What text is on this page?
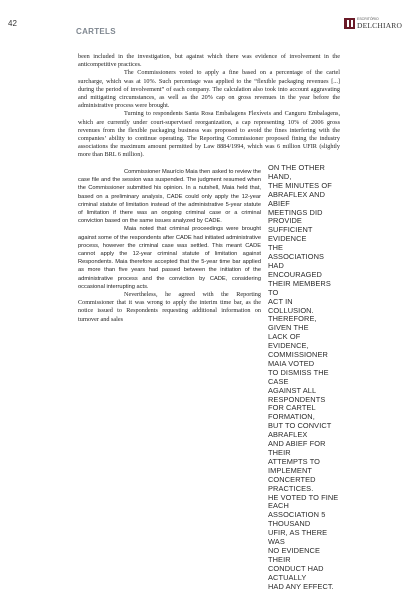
42
CARTELS
ESCRITÓRIO
DELCHIARO

been included in the investigation, but against which there was evidence of involvement in the anticompetitive practices.

The Commissioners voted to apply a fine based on a percentage of the cartel surcharge, which was at 10%. Such percentage was applied to the “flexible packaging revenues [...] during the period of involvement” of each company. The calculation also took into account aggravating and mitigating circumstances, as well as the 20% cap on gross revenues in the year before the administrative process were brought.

Turning to respondents Santa Rosa Embalagens Flexíveis and Canguru Embalagens, which are currently under court-supervised reorganization, a cap representing 10% of 2006 gross revenues from the flexible packaging business was proposed to avoid the fines interfering with the companies’ ability to continue operating. The Reporting Commissioner proposed fining the industry associations the maximum amount permitted by Law 8884/1994, which was 6 million UFIR (slightly more than BRL 6 million).

Commissioner Maurício Maia then asked to review the case file and the session was suspended. The judgment resumed when the Commissioner submitted his opinion. In a nutshell, Maia held that, based on a preliminary analysis, CADE could only apply the 12-year criminal statute of limitation instead of the administrative 5-year statute of limitation if there was an ongoing criminal case or a criminal conviction based on the same issues analyzed by CADE.

Maia noted that criminal proceedings were brought against some of the respondents after CADE had initiated administrative process, however the criminal case was settled. This meant CADE cannot apply the 12-year criminal statute of limitation against Respondents. Maia therefore accepted that the 5-year time bar applied as more than five years had passed between the initiation of the administrative process and the conviction by CADE, considering occasional interrupting acts.

Nevertheless, he agreed with the Reporting Commissioner that it was wrong to apply the interim time bar, as the notice issued to Respondents requesting additional information on turnover and sales

ON THE OTHER HAND,
THE MINUTES OF
ABRAFLEX AND ABIEF
MEETINGS DID PROVIDE
SUFFICIENT EVIDENCE
THE ASSOCIATIONS
HAD ENCOURAGED
THEIR MEMBERS TO
ACT IN COLLUSION.
THEREFORE, GIVEN THE
LACK OF EVIDENCE,
COMMISSIONER MAIA VOTED
TO DISMISS THE CASE
AGAINST ALL RESPONDENTS
FOR CARTEL FORMATION,
BUT TO CONVICT ABRAFLEX
AND ABIEF FOR THEIR
ATTEMPTS TO IMPLEMENT
CONCERTED PRACTICES.
HE VOTED TO FINE EACH
ASSOCIATION 5 THOUSAND
UFIR, AS THERE WAS
NO EVIDENCE THEIR
CONDUCT HAD ACTUALLY
HAD ANY EFFECT.
